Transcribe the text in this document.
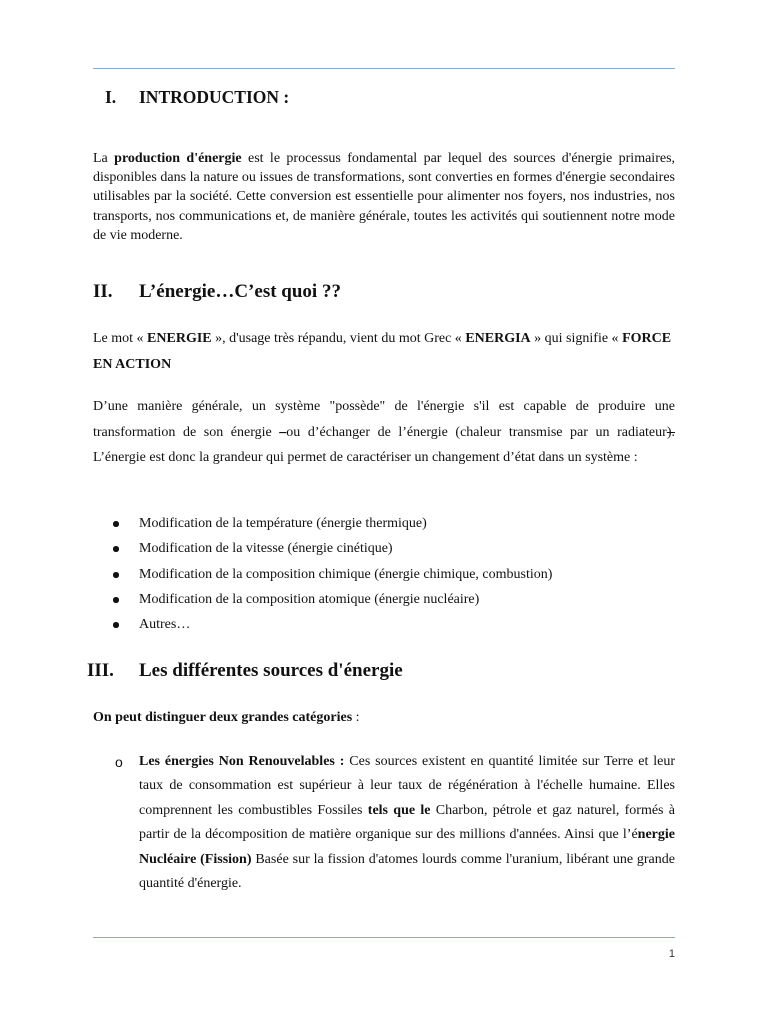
I. INTRODUCTION :

La production d'énergie est le processus fondamental par lequel des sources d'énergie primaires, disponibles dans la nature ou issues de transformations, sont converties en formes d'énergie secondaires utilisables par la société. Cette conversion est essentielle pour alimenter nos foyers, nos industries, nos transports, nos communications et, de manière générale, toutes les activités qui soutiennent notre mode de vie moderne.

II. L’énergie…C’est quoi ??

Le mot « ENERGIE », d'usage très répandu, vient du mot Grec « ENERGIA » qui signifie « FORCE EN ACTION

D’une manière générale, un système "possède" de l'énergie s'il est capable de produire une transformation de son énergie –ou d’échanger de l’énergie (chaleur transmise par un radiateur). L’énergie est donc la grandeur qui permet de caractériser un changement d’état dans un système :

Modification de la température (énergie thermique)
Modification de la vitesse (énergie cinétique)
Modification de la composition chimique (énergie chimique, combustion)
Modification de la composition atomique (énergie nucléaire)
Autres…
III. Les différentes sources d'énergie

On peut distinguer deux grandes catégories :

o Les énergies Non Renouvelables : Ces sources existent en quantité limitée sur Terre et leur taux de consommation est supérieur à leur taux de régénération à l'échelle humaine. Elles comprennent les combustibles Fossiles tels que le Charbon, pétrole et gaz naturel, formés à partir de la décomposition de matière organique sur des millions d'années. Ainsi que l’énergie Nucléaire (Fission) Basée sur la fission d'atomes lourds comme l'uranium, libérant une grande quantité d'énergie.

1
